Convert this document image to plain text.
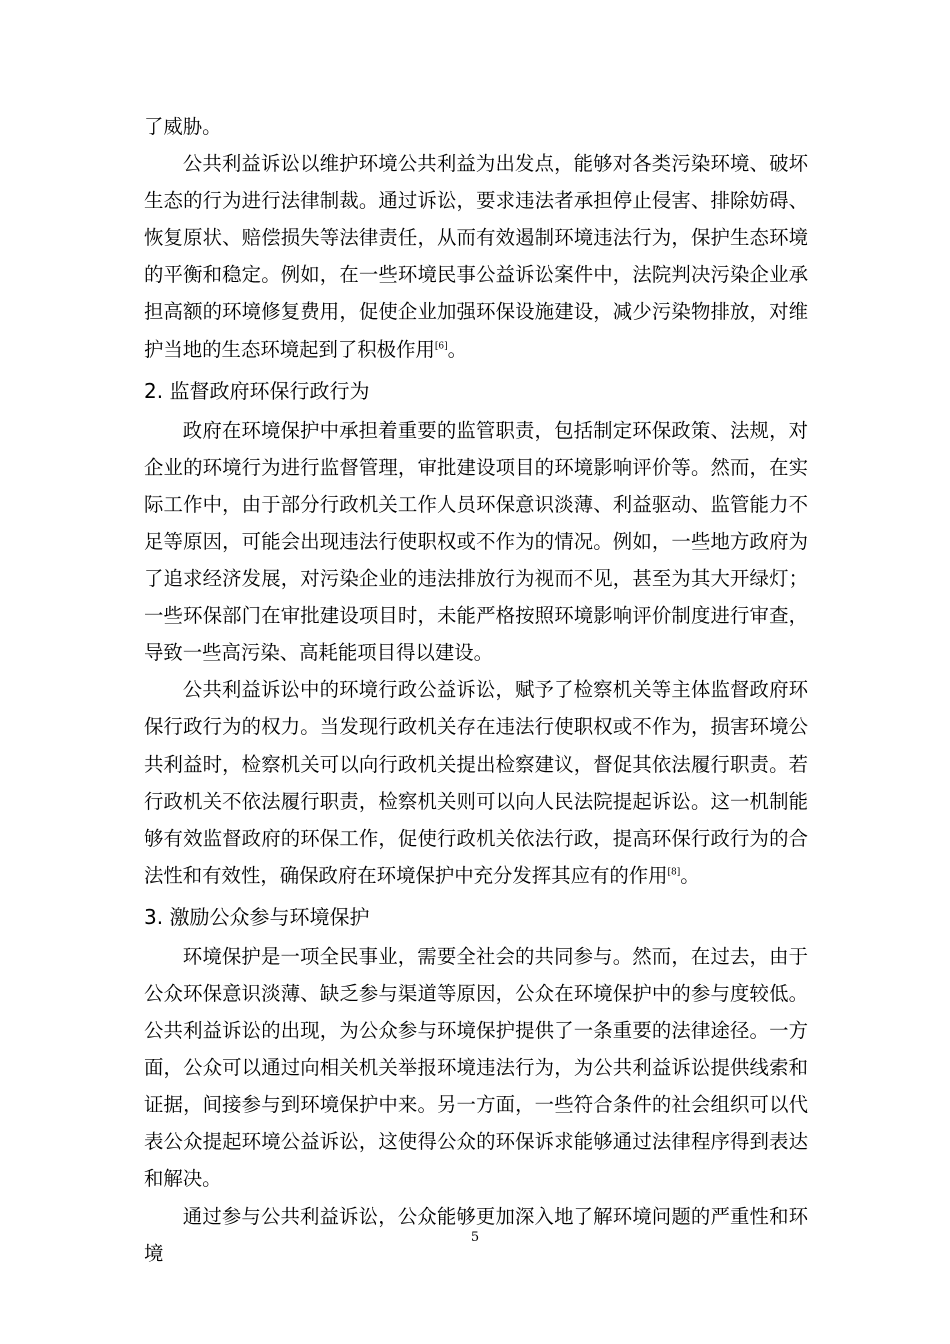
了威胁。

公共利益诉讼以维护环境公共利益为出发点，能够对各类污染环境、破坏生态的行为进行法律制裁。通过诉讼，要求违法者承担停止侵害、排除妨碍、恢复原状、赔偿损失等法律责任，从而有效遏制环境违法行为，保护生态环境的平衡和稳定。例如，在一些环境民事公益诉讼案件中，法院判决污染企业承担高额的环境修复费用，促使企业加强环保设施建设，减少污染物排放，对维护当地的生态环境起到了积极作用[6]。

2. 监督政府环保行政行为

政府在环境保护中承担着重要的监管职责，包括制定环保政策、法规，对企业的环境行为进行监督管理，审批建设项目的环境影响评价等。然而，在实际工作中，由于部分行政机关工作人员环保意识淡薄、利益驱动、监管能力不足等原因，可能会出现违法行使职权或不作为的情况。例如，一些地方政府为了追求经济发展，对污染企业的违法排放行为视而不见，甚至为其大开绿灯；一些环保部门在审批建设项目时，未能严格按照环境影响评价制度进行审查，导致一些高污染、高耗能项目得以建设。

公共利益诉讼中的环境行政公益诉讼，赋予了检察机关等主体监督政府环保行政行为的权力。当发现行政机关存在违法行使职权或不作为，损害环境公共利益时，检察机关可以向行政机关提出检察建议，督促其依法履行职责。若行政机关不依法履行职责，检察机关则可以向人民法院提起诉讼。这一机制能够有效监督政府的环保工作，促使行政机关依法行政，提高环保行政行为的合法性和有效性，确保政府在环境保护中充分发挥其应有的作用[8]。

3. 激励公众参与环境保护

环境保护是一项全民事业，需要全社会的共同参与。然而，在过去，由于公众环保意识淡薄、缺乏参与渠道等原因，公众在环境保护中的参与度较低。公共利益诉讼的出现，为公众参与环境保护提供了一条重要的法律途径。一方面，公众可以通过向相关机关举报环境违法行为，为公共利益诉讼提供线索和证据，间接参与到环境保护中来。另一方面，一些符合条件的社会组织可以代表公众提起环境公益诉讼，这使得公众的环保诉求能够通过法律程序得到表达和解决。

通过参与公共利益诉讼，公众能够更加深入地了解环境问题的严重性和环境

5
